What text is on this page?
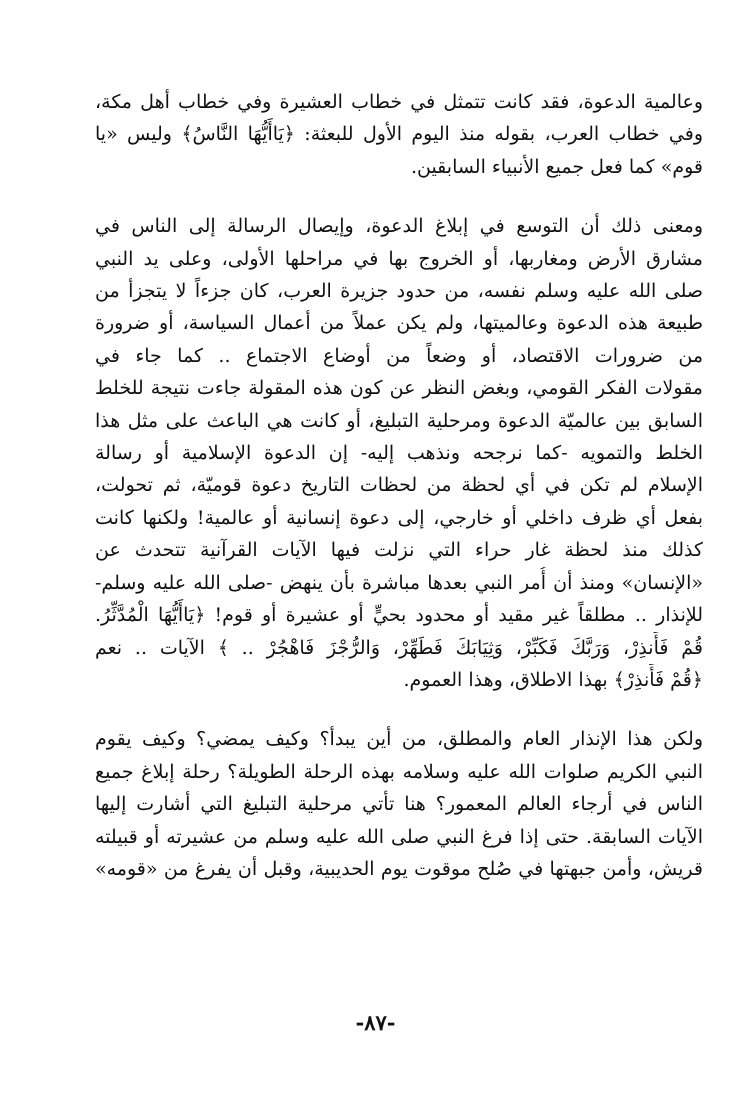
وعالمية الدعوة، فقد كانت تتمثل في خطاب العشيرة وفي خطاب أهل مكة،
وفي خطاب العرب، بقوله منذ اليوم الأول للبعثة: ﴿يَاأَيُّهَا النَّاسُ﴾ وليس «يا
قوم» كما فعل جميع الأنبياء السابقين.
ومعنى ذلك أن التوسع في إبلاغ الدعوة، وإيصال الرسالة إلى الناس في
مشارق الأرض ومغاربها، أو الخروج بها في مراحلها الأولى، وعلى يد النبي
صلى الله عليه وسلم نفسه، من حدود جزيرة العرب، كان جزءاً لا يتجزأ من
طبيعة هذه الدعوة وعالميتها، ولم يكن عملاً من أعمال السياسة، أو ضرورة
من ضرورات الاقتصاد، أو وضعاً من أوضاع الاجتماع .. كما جاء في
مقولات الفكر القومي، وبغض النظر عن كون هذه المقولة جاءت نتيجة للخلط
السابق بين عالميّة الدعوة ومرحلية التبليغ، أو كانت هي الباعث على مثل هذا
الخلط والتمويه -كما نرجحه ونذهب إليه- إن الدعوة الإسلامية أو رسالة
الإسلام لم تكن في أي لحظة من لحظات التاريخ دعوة قوميّة، ثم تحولت،
بفعل أي ظرف داخلي أو خارجي، إلى دعوة إنسانية أو عالمية! ولكنها كانت
كذلك منذ لحظة غار حراء التي نزلت فيها الآيات القرآنية تتحدث عن
«الإنسان» ومنذ أن أُمر النبي بعدها مباشرة بأن ينهض -صلى الله عليه وسلم-
للإنذار .. مطلقاً غير مقيد أو محدود بحيٍّ أو عشيرة أو قوم! ﴿يَاأَيُّهَا الْمُدَّثِّرُ.
قُمْ فَأَنذِرْ، وَرَبَّكَ فَكَبِّرْ، وَثِيَابَكَ فَطَهِّرْ، وَالرُّجْزَ فَاهْجُرْ .. ﴾ الآيات .. نعم
﴿قُمْ فَأَنذِرْ﴾ بهذا الاطلاق، وهذا العموم.
ولكن هذا الإنذار العام والمطلق، من أين يبدأ؟ وكيف يمضي؟ وكيف يقوم
النبي الكريم صلوات الله عليه وسلامه بهذه الرحلة الطويلة؟ رحلة إبلاغ جميع
الناس في أرجاء العالم المعمور؟ هنا تأتي مرحلية التبليغ التي أشارت إليها
الآيات السابقة. حتى إذا فرغ النبي صلى الله عليه وسلم من عشيرته أو قبيلته
قريش، وأمن جبهتها في صُلح موقوت يوم الحديبية، وقبل أن يفرغ من «قومه»
-٨٧-
